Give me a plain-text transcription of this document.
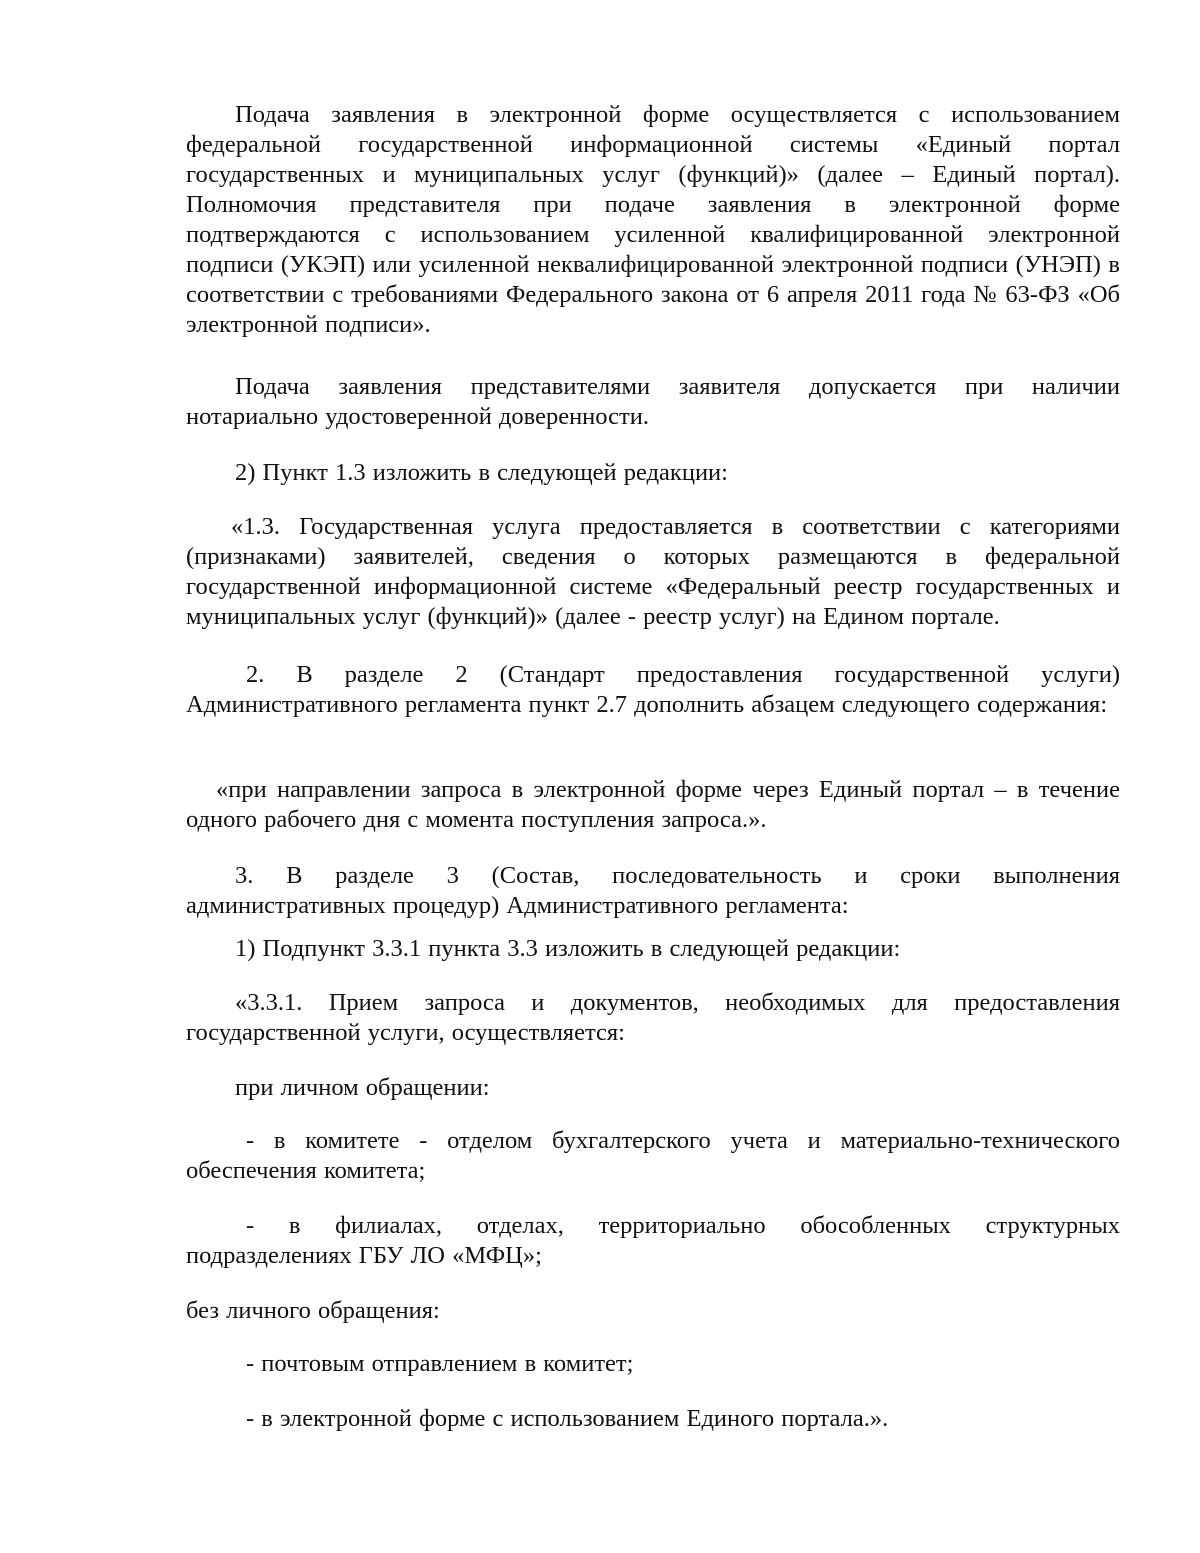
Подача заявления в электронной форме осуществляется с использованием федеральной государственной информационной системы «Единый портал государственных и муниципальных услуг (функций)» (далее – Единый портал). Полномочия представителя при подаче заявления в электронной форме подтверждаются с использованием усиленной квалифицированной электронной подписи (УКЭП) или усиленной неквалифицированной электронной подписи (УНЭП) в соответствии с требованиями Федерального закона от 6 апреля 2011 года № 63-ФЗ «Об электронной подписи».

Подача заявления представителями заявителя допускается при наличии нотариально удостоверенной доверенности.

2) Пункт 1.3 изложить в следующей редакции:

«1.3. Государственная услуга предоставляется в соответствии с категориями (признаками) заявителей, сведения о которых размещаются в федеральной государственной информационной системе «Федеральный реестр государственных и муниципальных услуг (функций)» (далее - реестр услуг) на Едином портале.

2. В разделе 2 (Стандарт предоставления государственной услуги) Административного регламента пункт 2.7 дополнить абзацем следующего содержания:

«при направлении запроса в электронной форме через Единый портал – в течение одного рабочего дня с момента поступления запроса.».

3. В разделе 3 (Состав, последовательность и сроки выполнения административных процедур) Административного регламента:

1) Подпункт 3.3.1 пункта 3.3 изложить в следующей редакции:

«3.3.1. Прием запроса и документов, необходимых для предоставления государственной услуги, осуществляется:

при личном обращении:

- в комитете - отделом бухгалтерского учета и материально-технического обеспечения комитета;

- в филиалах, отделах, территориально обособленных структурных подразделениях ГБУ ЛО «МФЦ»;

без личного обращения:

- почтовым отправлением в комитет;

- в электронной форме с использованием Единого портала.».
